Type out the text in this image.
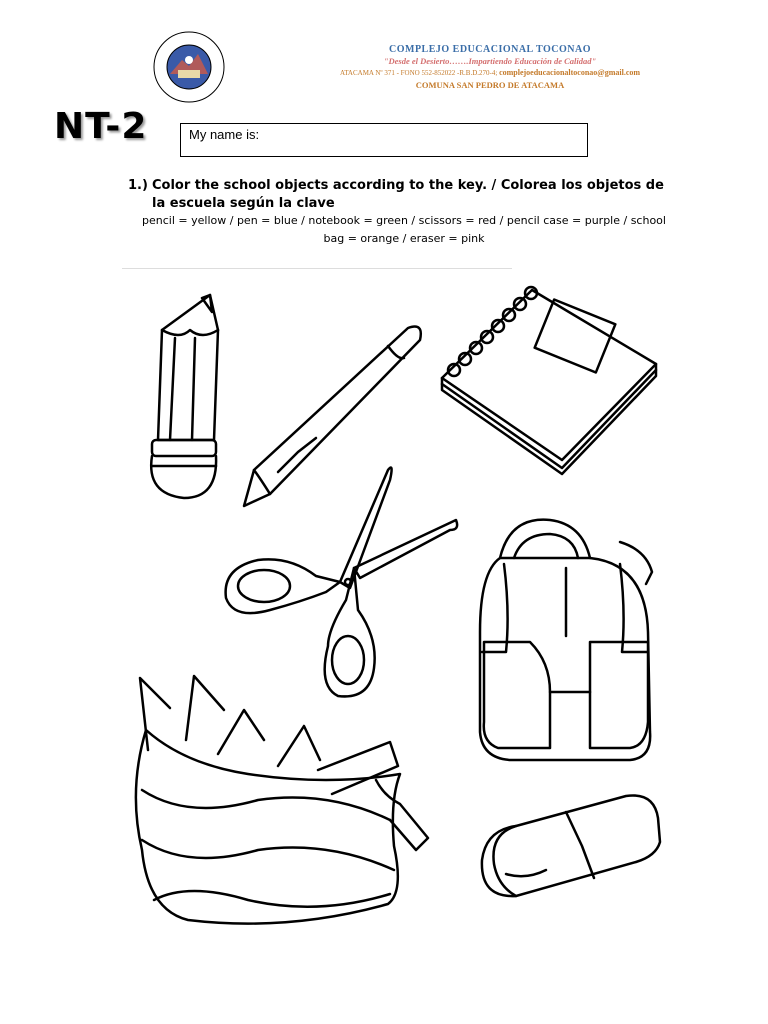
COMPLEJO EDUCACIONAL TOCONAO
"Desde el Desierto…….Impartiendo Educación de Calidad"
ATACAMA Nº 371 - FONO 552-852022 -R.B.D.270-4; complejoeducacionaltoconao@gmail.com
COMUNA SAN PEDRO DE ATACAMA
NT-2	My name is:
1.) Color the school objects according to the key. / Colorea los objetos de la escuela según la clave
pencil = yellow / pen = blue / notebook = green / scissors = red / pencil case = purple / school bag = orange / eraser = pink
